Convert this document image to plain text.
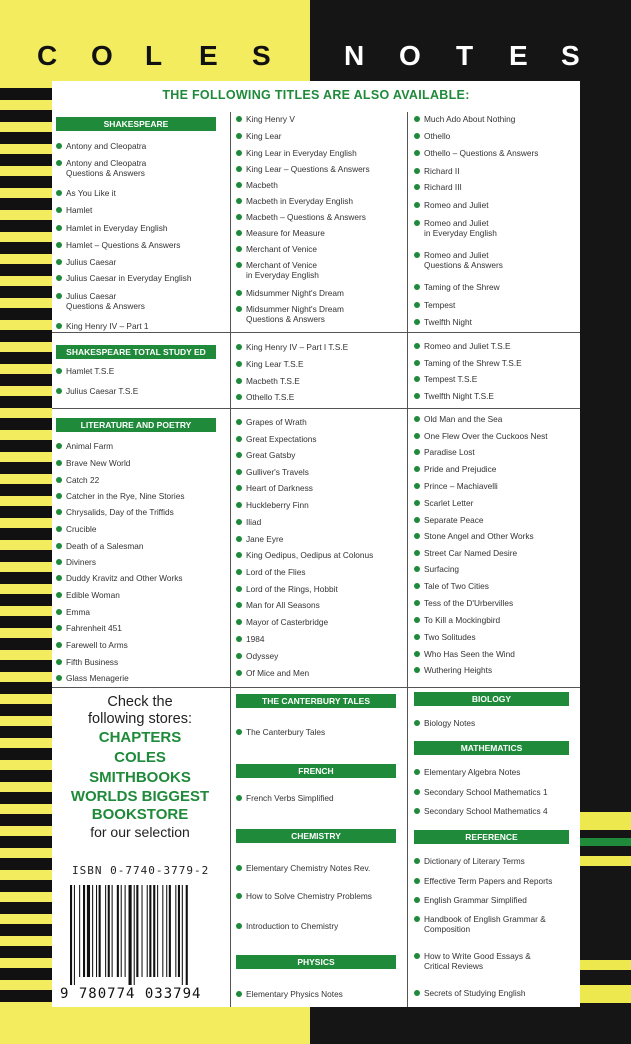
C O L E S	N O T E S
THE FOLLOWING TITLES ARE ALSO AVAILABLE:
SHAKESPEARE
SHAKESPEARE TOTAL STUDY ED
LITERATURE AND POETRY
THE CANTERBURY TALES
FRENCH
CHEMISTRY
PHYSICS
BIOLOGY
MATHEMATICS
REFERENCE
Antony and Cleopatra
Antony and Cleopatra
Questions & Answers
As You Like it
Hamlet
Hamlet in Everyday English
Hamlet – Questions & Answers
Julius Caesar
Julius Caesar in Everyday English
Julius Caesar
Questions & Answers
King Henry IV – Part 1
King Henry V
King Lear
King Lear in Everyday English
King Lear – Questions & Answers
Macbeth
Macbeth in Everyday English
Macbeth – Questions & Answers
Measure for Measure
Merchant of Venice
Merchant of Venice
in Everyday English
Midsummer Night's Dream
Midsummer Night's Dream
Questions & Answers
Much Ado About Nothing
Othello
Othello – Questions & Answers
Richard II
Richard III
Romeo and Juliet
Romeo and Juliet
in Everyday English
Romeo and Juliet
Questions & Answers
Taming of the Shrew
Tempest
Twelfth Night
Hamlet T.S.E
Julius Caesar T.S.E
King Henry IV – Part I T.S.E
King Lear T.S.E
Macbeth T.S.E
Othello T.S.E
Romeo and Juliet T.S.E
Taming of the Shrew T.S.E
Tempest T.S.E
Twelfth Night T.S.E
Animal Farm
Brave New World
Catch 22
Catcher in the Rye, Nine Stories
Chrysalids, Day of the Triffids
Crucible
Death of a Salesman
Diviners
Duddy Kravitz and Other Works
Edible Woman
Emma
Fahrenheit 451
Farewell to Arms
Fifth Business
Glass Menagerie
Grapes of Wrath
Great Expectations
Great Gatsby
Gulliver's Travels
Heart of Darkness
Huckleberry Finn
Iliad
Jane Eyre
King Oedipus, Oedipus at Colonus
Lord of the Flies
Lord of the Rings, Hobbit
Man for All Seasons
Mayor of Casterbridge
1984
Odyssey
Of Mice and Men
Old Man and the Sea
One Flew Over the Cuckoos Nest
Paradise Lost
Pride and Prejudice
Prince – Machiavelli
Scarlet Letter
Separate Peace
Stone Angel and Other Works
Street Car Named Desire
Surfacing
Tale of Two Cities
Tess of the D'Urbervilles
To Kill a Mockingbird
Two Solitudes
Who Has Seen the Wind
Wuthering Heights
The Canterbury Tales
French Verbs Simplified
Elementary Chemistry Notes Rev.
How to Solve Chemistry Problems
Introduction to Chemistry
Elementary Physics Notes
Biology Notes
Elementary Algebra Notes
Secondary School Mathematics 1
Secondary School Mathematics 4
Dictionary of Literary Terms
Effective Term Papers and Reports
English Grammar Simplified
Handbook of English Grammar &
Composition
How to Write Good Essays &
Critical Reviews
Secrets of Studying English
Check the
following stores:
CHAPTERS
COLES
SMITHBOOKS
WORLDS BIGGEST
BOOKSTORE
for our selection
ISBN 0-7740-3779-2
9 780774 033794
